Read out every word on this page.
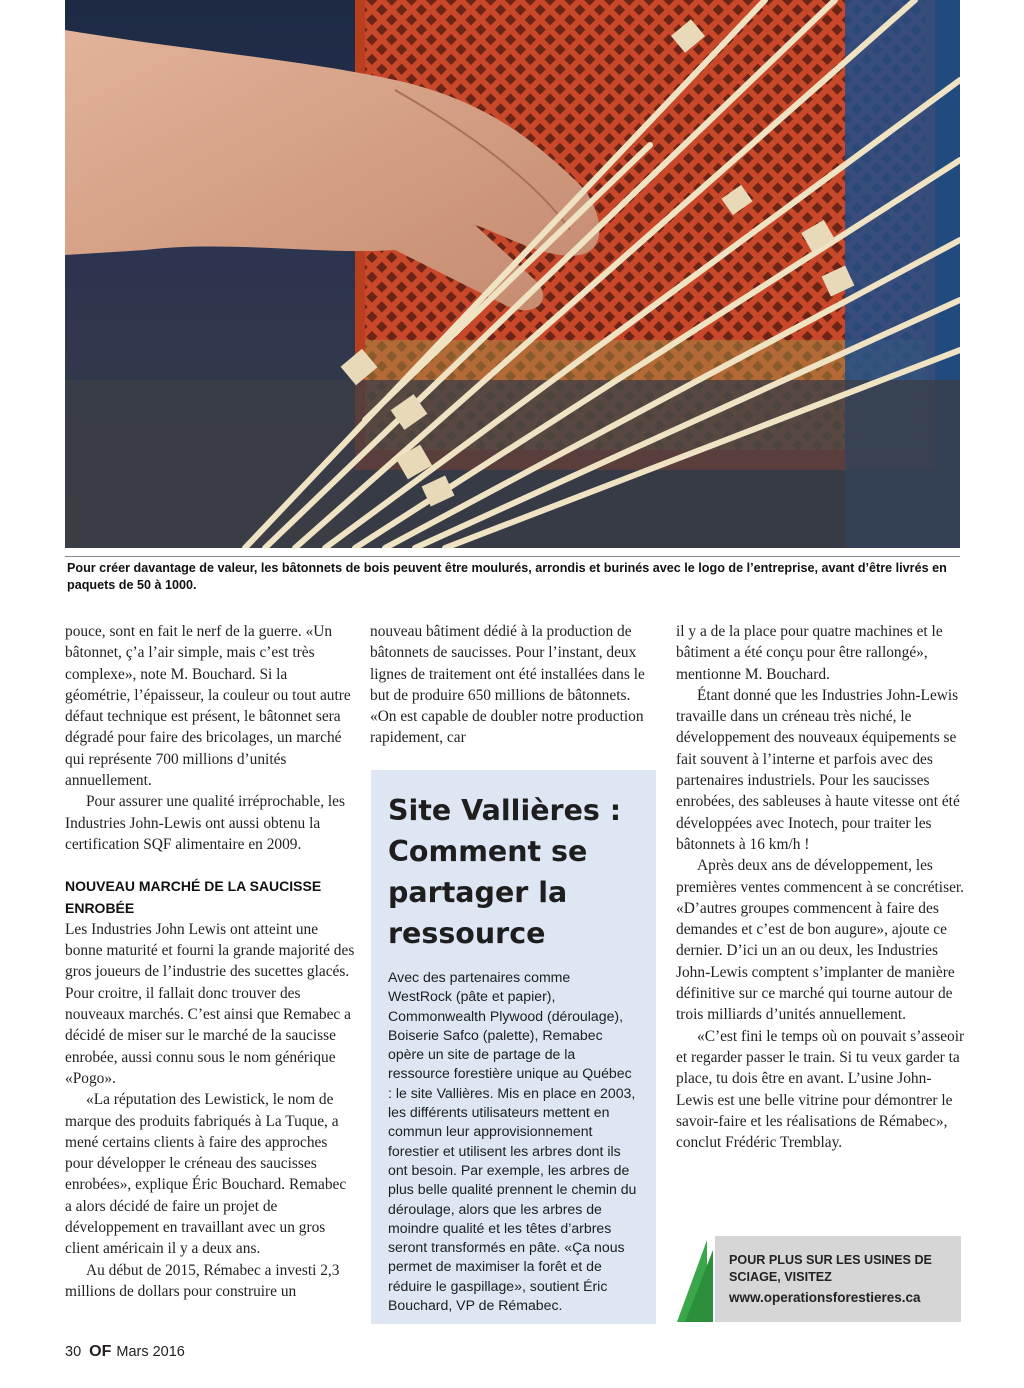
Pour créer davantage de valeur, les bâtonnets de bois peuvent être moulurés, arrondis et burinés avec le logo de l’entreprise, avant d’être livrés en paquets de 50 à 1000.

pouce, sont en fait le nerf de la guerre. «Un bâtonnet, ç’a l’air simple, mais c’est très complexe», note M. Bouchard. Si la géométrie, l’épaisseur, la couleur ou tout autre défaut technique est présent, le bâtonnet sera dégradé pour faire des bricolages, un marché qui représente 700 millions d’unités annuellement.

Pour assurer une qualité irréprochable, les Industries John-Lewis ont aussi obtenu la certification SQF alimentaire en 2009.

NOUVEAU MARCHÉ DE LA SAUCISSE ENROBÉE

Les Industries John Lewis ont atteint une bonne maturité et fourni la grande majorité des gros joueurs de l’industrie des sucettes glacés. Pour croitre, il fallait donc trouver des nouveaux marchés. C’est ainsi que Remabec a décidé de miser sur le marché de la saucisse enrobée, aussi connu sous le nom générique «Pogo».

«La réputation des Lewistick, le nom de marque des produits fabriqués à La Tuque, a mené certains clients à faire des approches pour développer le créneau des saucisses enrobées», explique Éric Bouchard. Remabec a alors décidé de faire un projet de développement en travaillant avec un gros client américain il y a deux ans.

Au début de 2015, Rémabec a investi 2,3 millions de dollars pour construire un

nouveau bâtiment dédié à la production de bâtonnets de saucisses. Pour l’instant, deux lignes de traitement ont été installées dans le but de produire 650 millions de bâtonnets. «On est capable de doubler notre production rapidement, car

Site Vallières : Comment se partager la ressource

Avec des partenaires comme WestRock (pâte et papier), Commonwealth Plywood (déroulage), Boiserie Safco (palette), Remabec opère un site de partage de la ressource forestière unique au Québec : le site Vallières. Mis en place en 2003, les différents utilisateurs mettent en commun leur approvisionnement forestier et utilisent les arbres dont ils ont besoin. Par exemple, les arbres de plus belle qualité prennent le chemin du déroulage, alors que les arbres de moindre qualité et les têtes d’arbres seront transformés en pâte. «Ça nous permet de maximiser la forêt et de réduire le gaspillage», soutient Éric Bouchard, VP de Rémabec.

il y a de la place pour quatre machines et le bâtiment a été conçu pour être rallongé», mentionne M. Bouchard.

Étant donné que les Industries John-Lewis travaille dans un créneau très niché, le développement des nouveaux équipements se fait souvent à l’interne et parfois avec des partenaires industriels. Pour les saucisses enrobées, des sableuses à haute vitesse ont été développées avec Inotech, pour traiter les bâtonnets à 16 km/h !

Après deux ans de développement, les premières ventes commencent à se concrétiser. «D’autres groupes commencent à faire des demandes et c’est de bon augure», ajoute ce dernier. D’ici un an ou deux, les Industries John-Lewis comptent s’implanter de manière définitive sur ce marché qui tourne autour de trois milliards d’unités annuellement.

«C’est fini le temps où on pouvait s’asseoir et regarder passer le train. Si tu veux garder ta place, tu dois être en avant. L’usine John-Lewis est une belle vitrine pour démontrer le savoir-faire et les réalisations de Rémabec», conclut Frédéric Tremblay.

POUR PLUS SUR LES USINES DE SCIAGE, VISITEZ
www.operationsforestieres.ca
30 OF Mars 2016
